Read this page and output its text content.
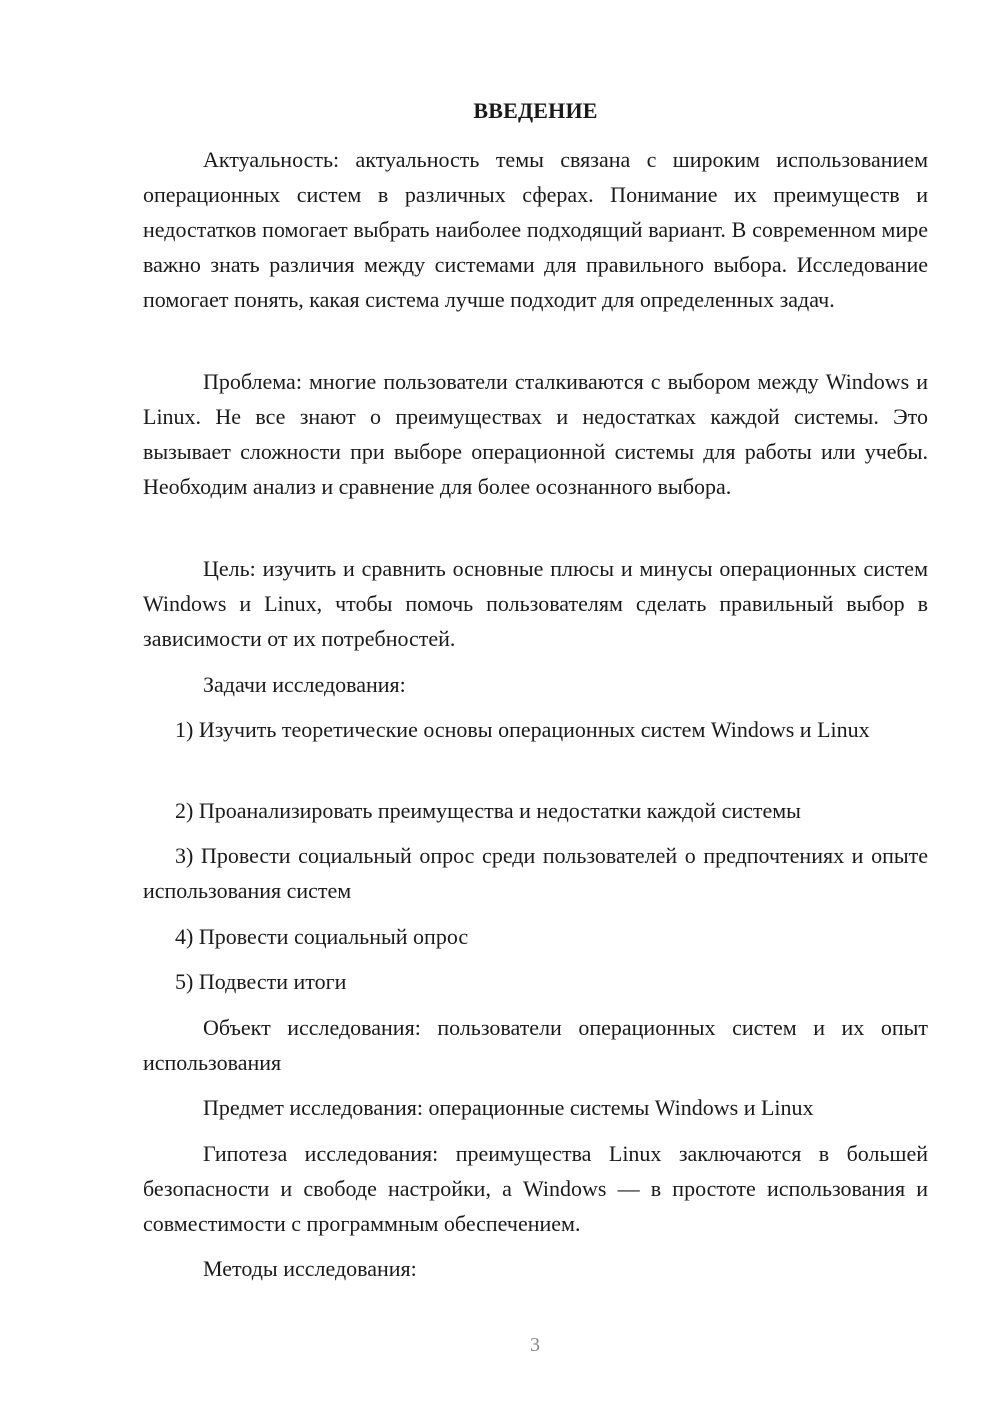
ВВЕДЕНИЕ

Актуальность: актуальность темы связана с широким использованием операционных систем в различных сферах. Понимание их преимуществ и недостатков помогает выбрать наиболее подходящий вариант. В современном мире важно знать различия между системами для правильного выбора. Исследование помогает понять, какая система лучше подходит для определенных задач.

Проблема: многие пользователи сталкиваются с выбором между Windows и Linux. Не все знают о преимуществах и недостатках каждой системы. Это вызывает сложности при выборе операционной системы для работы или учебы. Необходим анализ и сравнение для более осознанного выбора.

Цель: изучить и сравнить основные плюсы и минусы операционных систем Windows и Linux, чтобы помочь пользователям сделать правильный выбор в зависимости от их потребностей.

Задачи исследования:

1) Изучить теоретические основы операционных систем Windows и Linux

2) Проанализировать преимущества и недостатки каждой системы

3) Провести социальный опрос среди пользователей о предпочтениях и опыте использования систем

4) Провести социальный опрос

5) Подвести итоги

Объект исследования: пользователи операционных систем и их опыт использования

Предмет исследования: операционные системы Windows и Linux

Гипотеза исследования: преимущества Linux заключаются в большей безопасности и свободе настройки, а Windows — в простоте использования и совместимости с программным обеспечением.

Методы исследования:

3
